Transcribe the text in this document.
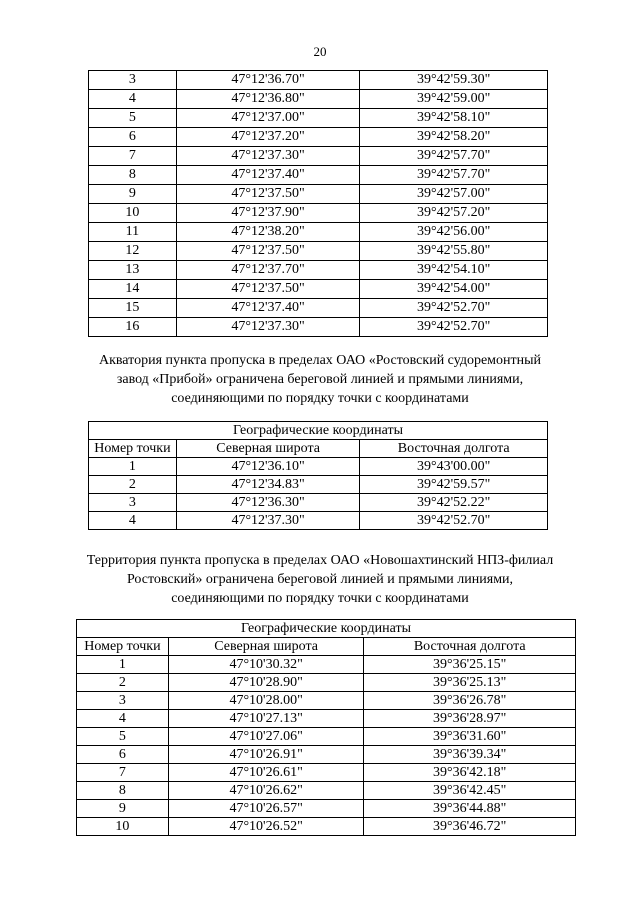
20
3	47°12'36.70"	39°42'59.30"
4	47°12'36.80"	39°42'59.00"
5	47°12'37.00"	39°42'58.10"
6	47°12'37.20"	39°42'58.20"
7	47°12'37.30"	39°42'57.70"
8	47°12'37.40"	39°42'57.70"
9	47°12'37.50"	39°42'57.00"
10	47°12'37.90"	39°42'57.20"
11	47°12'38.20"	39°42'56.00"
12	47°12'37.50"	39°42'55.80"
13	47°12'37.70"	39°42'54.10"
14	47°12'37.50"	39°42'54.00"
15	47°12'37.40"	39°42'52.70"
16	47°12'37.30"	39°42'52.70"
Акватория пункта пропуска в пределах ОАО «Ростовский судоремонтный
завод «Прибой» ограничена береговой линией и прямыми линиями,
соединяющими по порядку точки с координатами
Географические координаты		
Номер точки	Северная широта	Восточная долгота
1	47°12'36.10"	39°43'00.00"
2	47°12'34.83"	39°42'59.57"
3	47°12'36.30"	39°42'52.22"
4	47°12'37.30"	39°42'52.70"
Территория пункта пропуска в пределах ОАО «Новошахтинский НПЗ-филиал
Ростовский» ограничена береговой линией и прямыми линиями,
соединяющими по порядку точки с координатами
Географические координаты		
Номер точки	Северная широта	Восточная долгота
1	47°10'30.32"	39°36'25.15"
2	47°10'28.90"	39°36'25.13"
3	47°10'28.00"	39°36'26.78"
4	47°10'27.13"	39°36'28.97"
5	47°10'27.06"	39°36'31.60"
6	47°10'26.91"	39°36'39.34"
7	47°10'26.61"	39°36'42.18"
8	47°10'26.62"	39°36'42.45"
9	47°10'26.57"	39°36'44.88"
10	47°10'26.52"	39°36'46.72"
